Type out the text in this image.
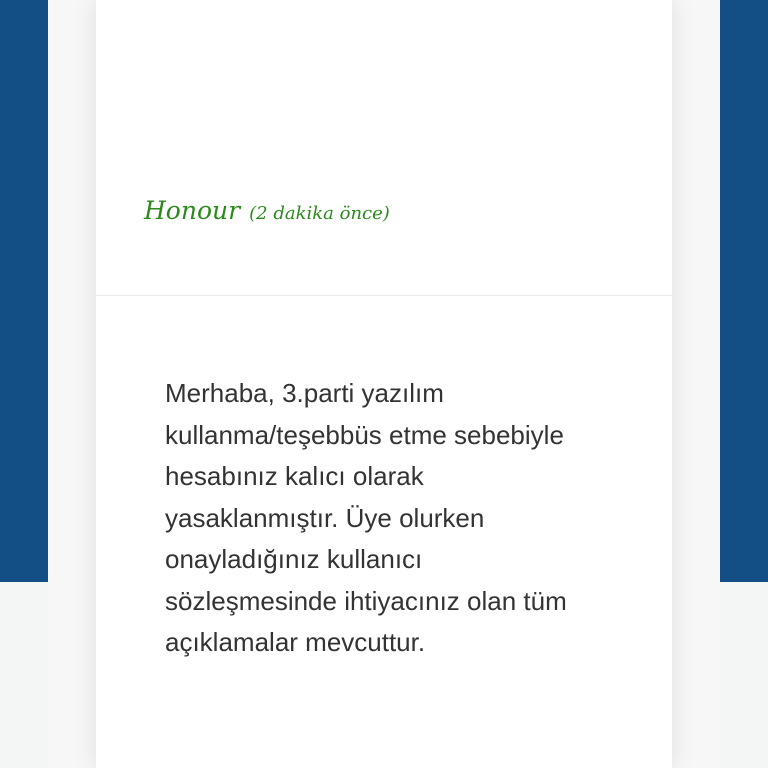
Honour (2 dakika önce)

Merhaba, 3.parti yazılım kullanma/teşebbüs etme sebebiyle hesabınız kalıcı olarak yasaklanmıştır. Üye olurken onayladığınız kullanıcı sözleşmesinde ihtiyacınız olan tüm açıklamalar mevcuttur.
